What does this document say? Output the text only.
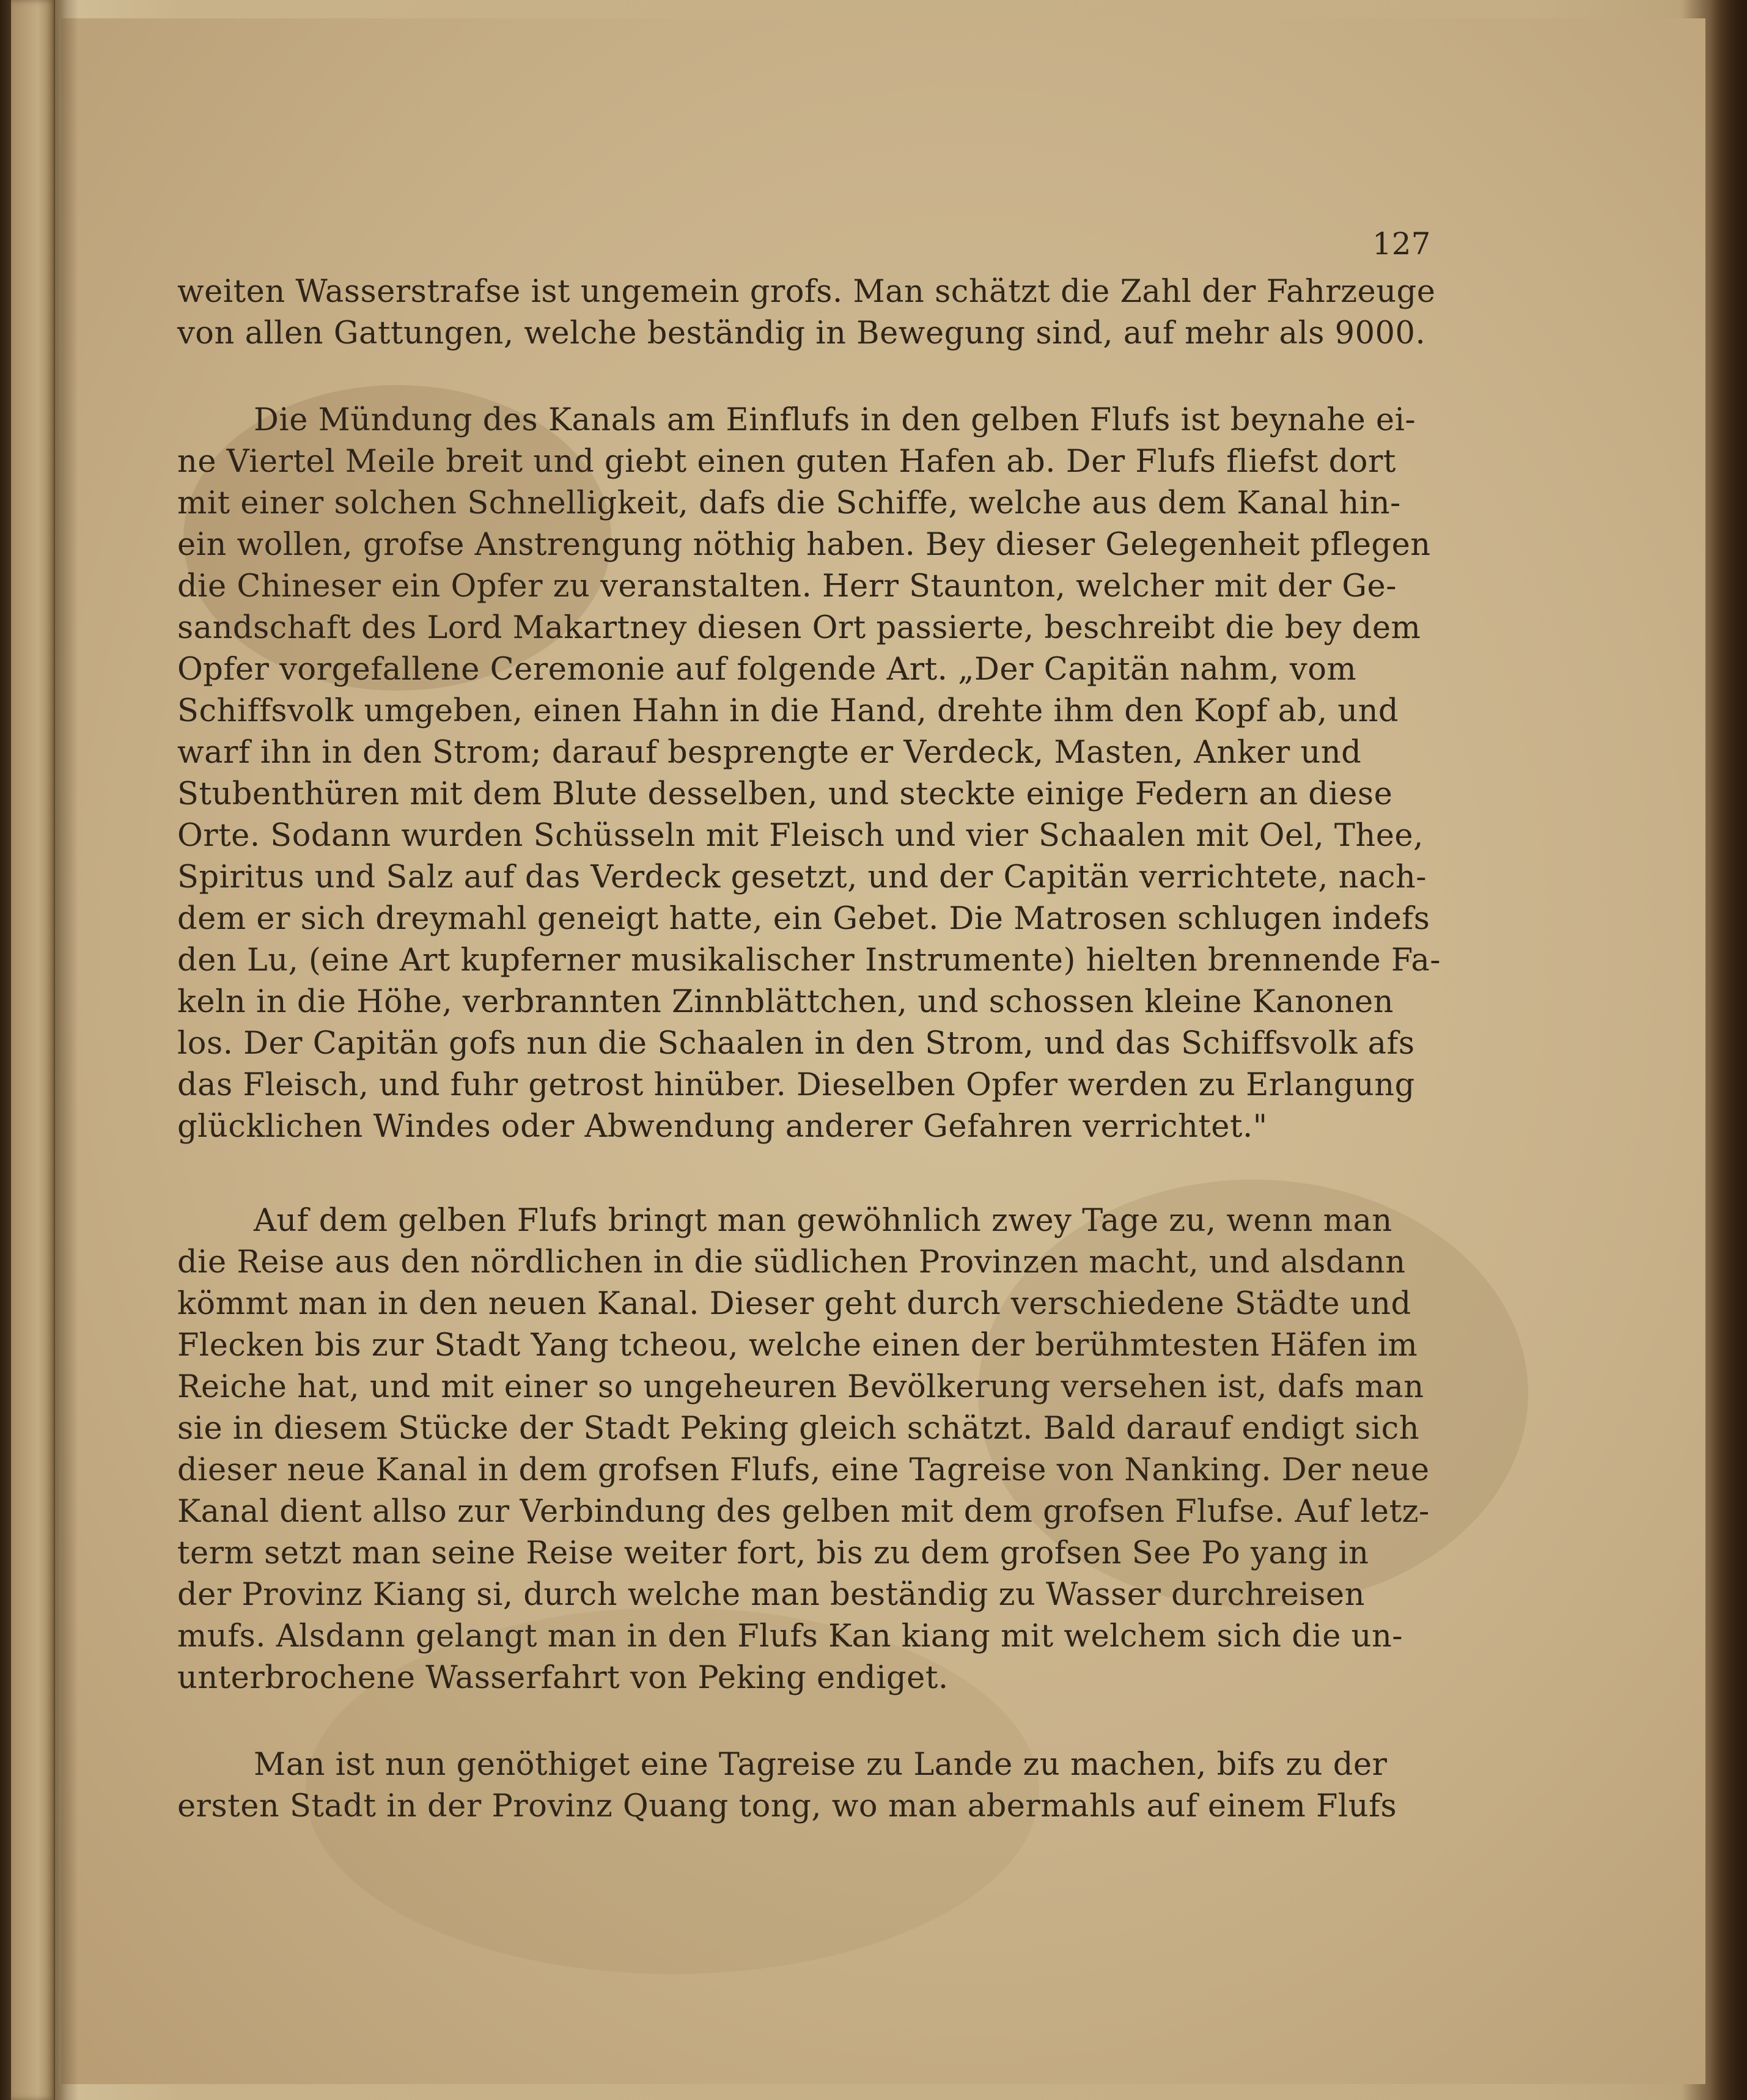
127
weiten Wasserstrafse ist ungemein grofs. Man schätzt die Zahl der Fahrzeuge
von allen Gattungen, welche beständig in Bewegung sind, auf mehr als 9000.
Die Mündung des Kanals am Einflufs in den gelben Flufs ist beynahe ei-
ne Viertel Meile breit und giebt einen guten Hafen ab. Der Flufs fliefst dort
mit einer solchen Schnelligkeit, dafs die Schiffe, welche aus dem Kanal hin-
ein wollen, grofse Anstrengung nöthig haben. Bey dieser Gelegenheit pflegen
die Chineser ein Opfer zu veranstalten. Herr Staunton, welcher mit der Ge-
sandschaft des Lord Makartney diesen Ort passierte, beschreibt die bey dem
Opfer vorgefallene Ceremonie auf folgende Art. „Der Capitän nahm, vom
Schiffsvolk umgeben, einen Hahn in die Hand, drehte ihm den Kopf ab, und
warf ihn in den Strom; darauf besprengte er Verdeck, Masten, Anker und
Stubenthüren mit dem Blute desselben, und steckte einige Federn an diese
Orte. Sodann wurden Schüsseln mit Fleisch und vier Schaalen mit Oel, Thee,
Spiritus und Salz auf das Verdeck gesetzt, und der Capitän verrichtete, nach-
dem er sich dreymahl geneigt hatte, ein Gebet. Die Matrosen schlugen indefs
den Lu, (eine Art kupferner musikalischer Instrumente) hielten brennende Fa-
keln in die Höhe, verbrannten Zinnblättchen, und schossen kleine Kanonen
los. Der Capitän gofs nun die Schaalen in den Strom, und das Schiffsvolk afs
das Fleisch, und fuhr getrost hinüber. Dieselben Opfer werden zu Erlangung
glücklichen Windes oder Abwendung anderer Gefahren verrichtet."
Auf dem gelben Flufs bringt man gewöhnlich zwey Tage zu, wenn man
die Reise aus den nördlichen in die südlichen Provinzen macht, und alsdann
kömmt man in den neuen Kanal. Dieser geht durch verschiedene Städte und
Flecken bis zur Stadt Yang tcheou, welche einen der berühmtesten Häfen im
Reiche hat, und mit einer so ungeheuren Bevölkerung versehen ist, dafs man
sie in diesem Stücke der Stadt Peking gleich schätzt. Bald darauf endigt sich
dieser neue Kanal in dem grofsen Flufs, eine Tagreise von Nanking. Der neue
Kanal dient allso zur Verbindung des gelben mit dem grofsen Flufse. Auf letz-
term setzt man seine Reise weiter fort, bis zu dem grofsen See Po yang in
der Provinz Kiang si, durch welche man beständig zu Wasser durchreisen
mufs. Alsdann gelangt man in den Flufs Kan kiang mit welchem sich die un-
unterbrochene Wasserfahrt von Peking endiget.
Man ist nun genöthiget eine Tagreise zu Lande zu machen, bifs zu der
ersten Stadt in der Provinz Quang tong, wo man abermahls auf einem Flufs
